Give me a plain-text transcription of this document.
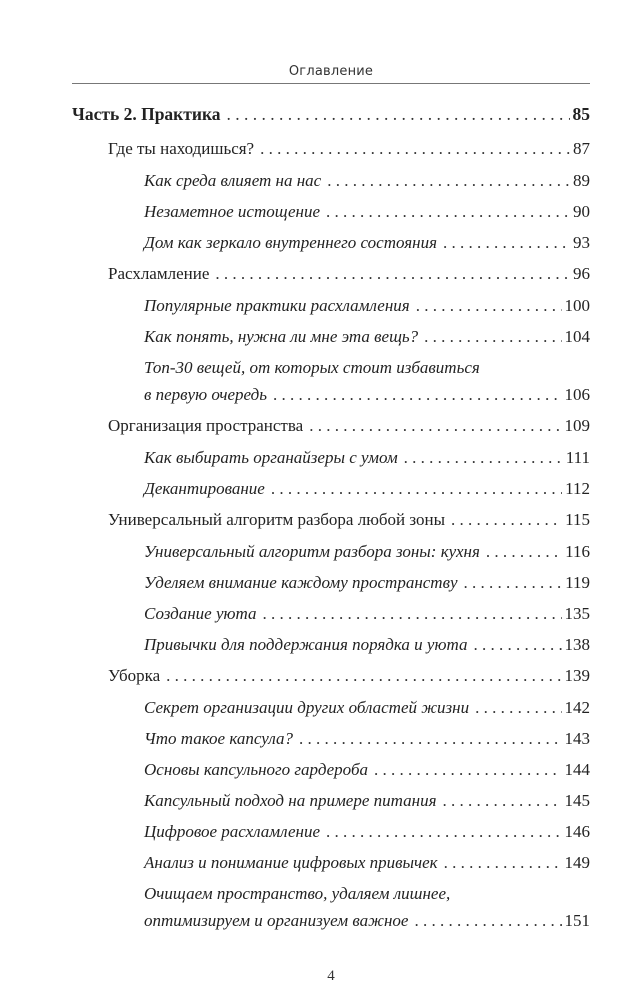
Оглавление
Часть 2. Практика . . .	85
Где ты находишься? . . .	87
Как среда влияет на нас . . .	89
Незаметное истощение . . .	90
Дом как зеркало внутреннего состояния . . .	93
Расхламление . . .	96
Популярные практики расхламления . . .	100
Как понять, нужна ли мне эта вещь? . . .	104
Топ-30 вещей, от которых стоит избавиться
в первую очередь . . .	106
Организация пространства . . .	109
Как выбирать органайзеры с умом . . .	111
Декантирование . . .	112
Универсальный алгоритм разбора любой зоны . . .	115
Универсальный алгоритм разбора зоны: кухня . . .	116
Уделяем внимание каждому пространству . . .	119
Создание уюта . . .	135
Привычки для поддержания порядка и уюта . . .	138
Уборка . . .	139
Секрет организации других областей жизни . . .	142
Что такое капсула? . . .	143
Основы капсульного гардероба . . .	144
Капсульный подход на примере питания . . .	145
Цифровое расхламление . . .	146
Анализ и понимание цифровых привычек . . .	149
Очищаем пространство, удаляем лишнее,
оптимизируем и организуем важное . . .	151
4
